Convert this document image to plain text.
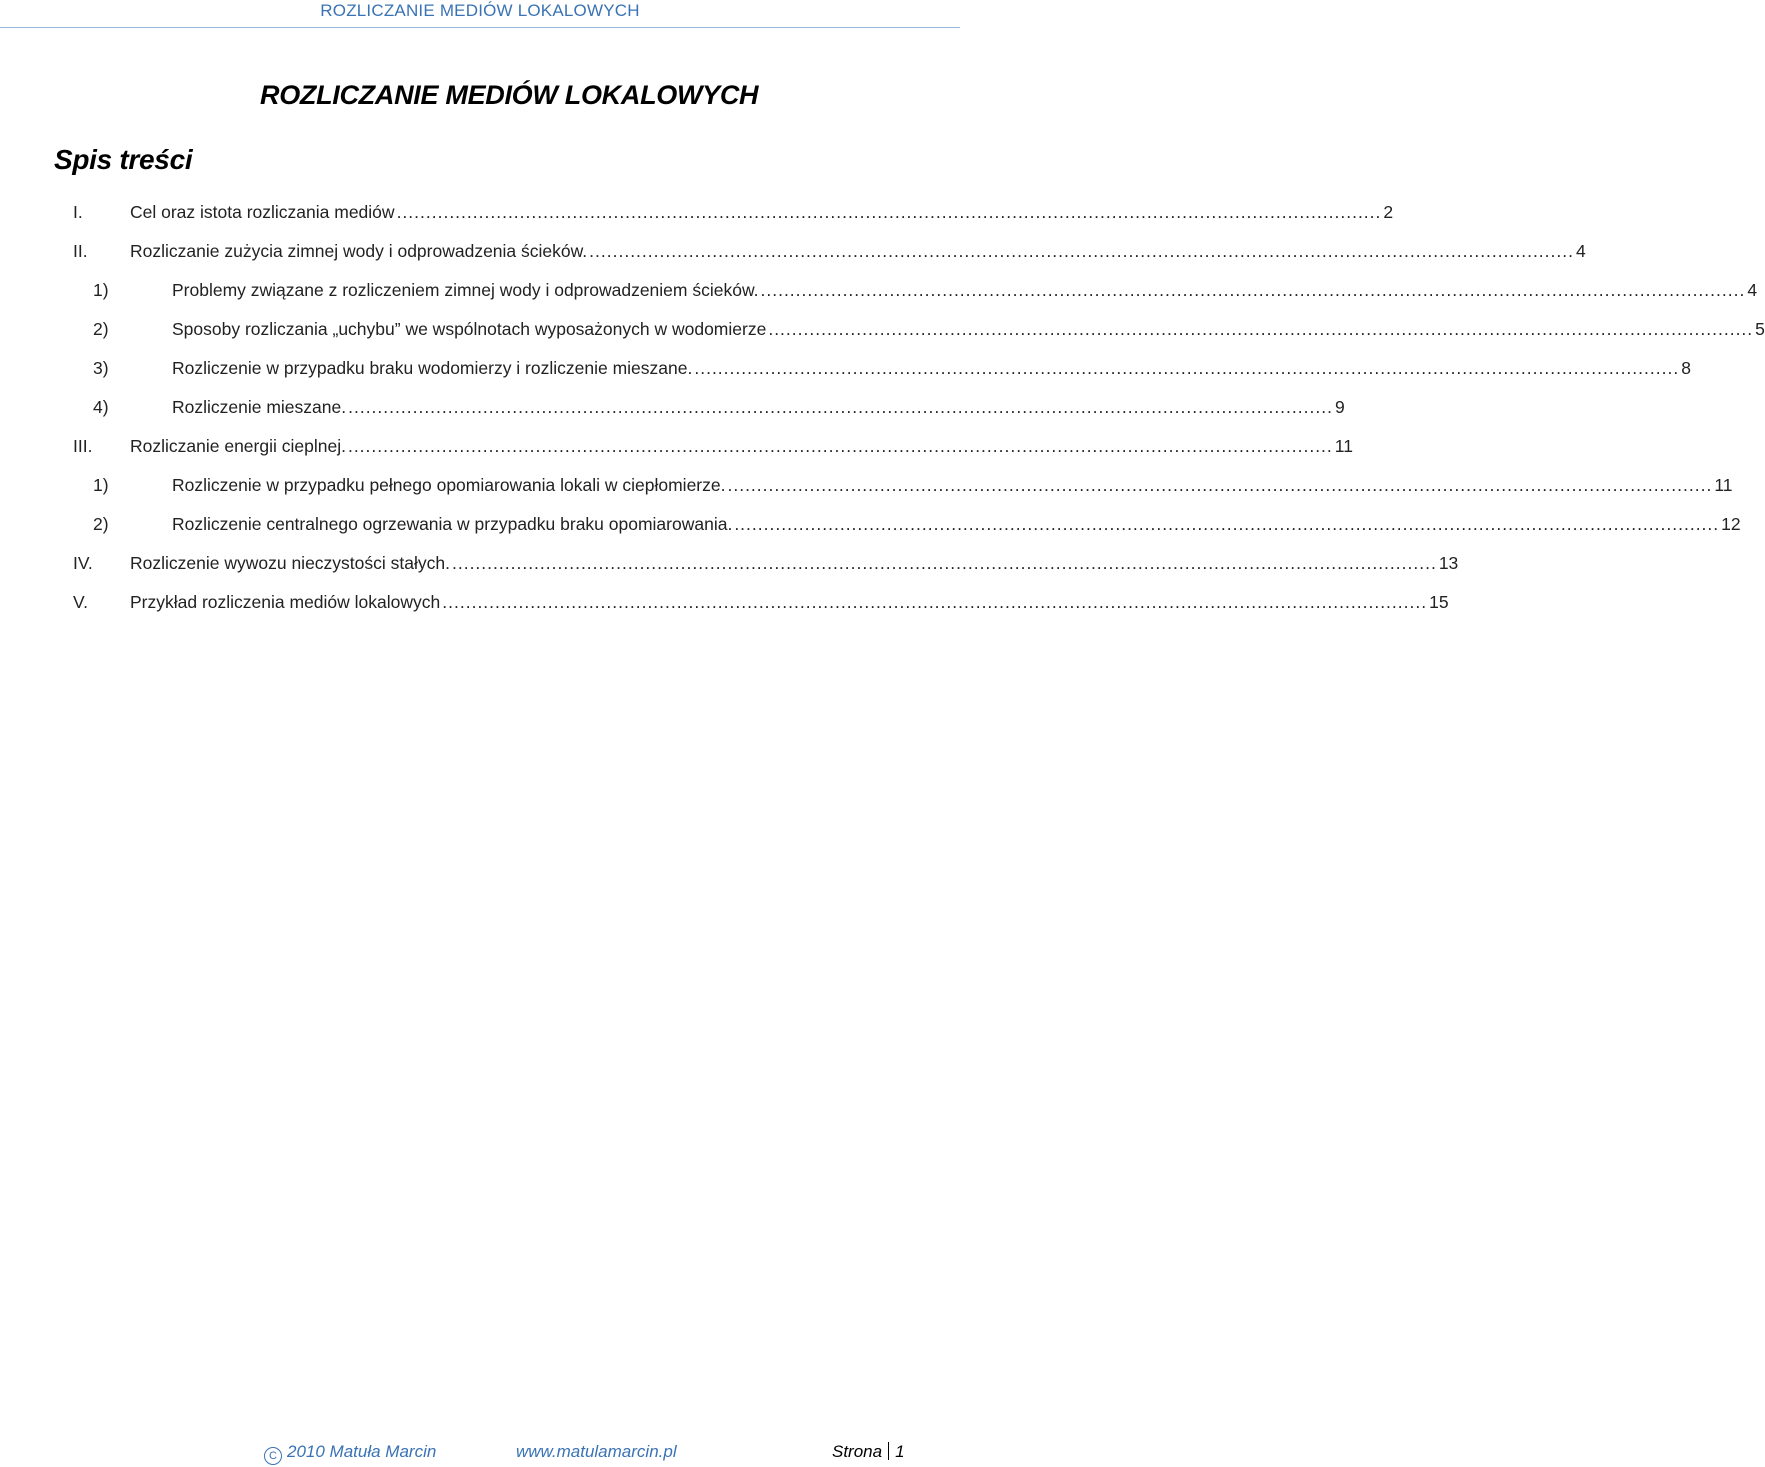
ROZLICZANIE MEDIÓW LOKALOWYCH
ROZLICZANIE MEDIÓW LOKALOWYCH
Spis treści
I.	Cel oraz istota rozliczania mediów ........................................................................................................................................................................ 2
II. Rozliczanie zużycia zimnej wody i odprowadzenia ścieków. ........................................................................................................................................................................ 4
1)	Problemy związane z rozliczeniem zimnej wody i odprowadzeniem ścieków. ........................................................................................................................................................................ 4
2)	Sposoby rozliczania „uchybu” we wspólnotach wyposażonych w wodomierze ........................................................................................................................................................................ 5
3)	Rozliczenie w przypadku braku wodomierzy i rozliczenie mieszane. ........................................................................................................................................................................ 8
4)	Rozliczenie mieszane. ........................................................................................................................................................................ 9
III. Rozliczanie energii cieplnej. ........................................................................................................................................................................ 11
1)	Rozliczenie w przypadku pełnego opomiarowania lokali w ciepłomierze. ........................................................................................................................................................................ 11
2)	Rozliczenie centralnego ogrzewania w przypadku braku opomiarowania. ........................................................................................................................................................................ 12
IV. Rozliczenie wywozu nieczystości stałych. ........................................................................................................................................................................ 13
V. Przykład rozliczenia mediów lokalowych ........................................................................................................................................................................ 15
C 2010 Matuła Marcin	www.matulamarcin.pl	Strona 1
